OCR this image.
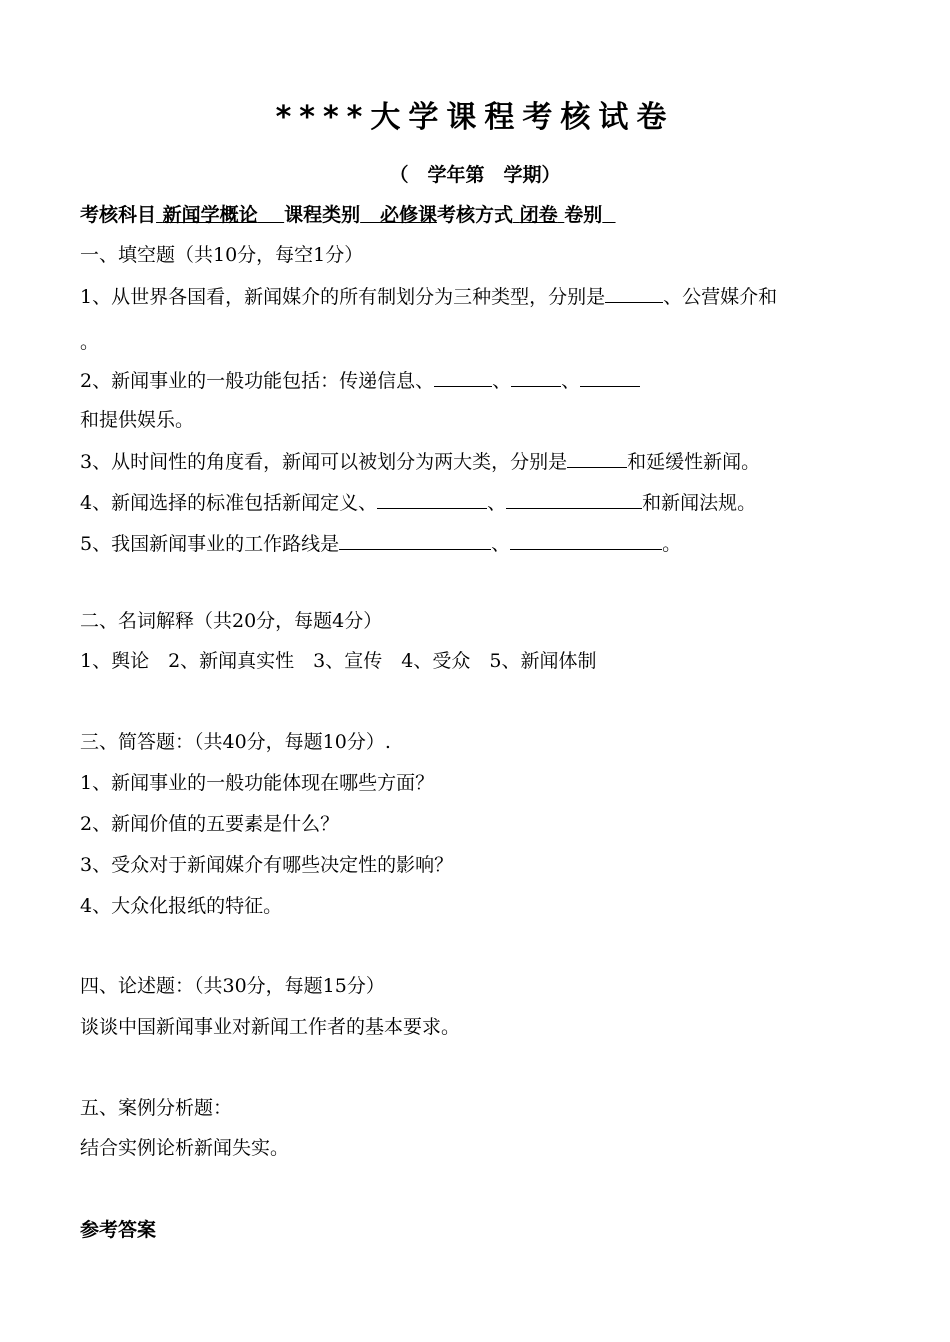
****大学课程考核试卷
（　学年第　学期）
考核科目 新闻学概论 课程类别 必修课考核方式 闭卷 卷别
一、填空题（共10分，每空1分）
1、从世界各国看，新闻媒介的所有制划分为三种类型，分别是	、公营媒介和
。
2、新闻事业的一般功能包括：传递信息、	、	、
和提供娱乐。
3、从时间性的角度看，新闻可以被划分为两大类，分别是	和延缓性新闻。
4、新闻选择的标准包括新闻定义、	、	和新闻法规。
5、我国新闻事业的工作路线是	、	。
二、名词解释（共20分，每题4分）
1、舆论　2、新闻真实性　3、宣传　4、受众　5、新闻体制
三、简答题：（共40分，每题10分）.
1、新闻事业的一般功能体现在哪些方面？
2、新闻价值的五要素是什么？
3、受众对于新闻媒介有哪些决定性的影响？
4、大众化报纸的特征。
四、论述题：（共30分，每题15分）
谈谈中国新闻事业对新闻工作者的基本要求。
五、案例分析题：
结合实例论析新闻失实。
参考答案
